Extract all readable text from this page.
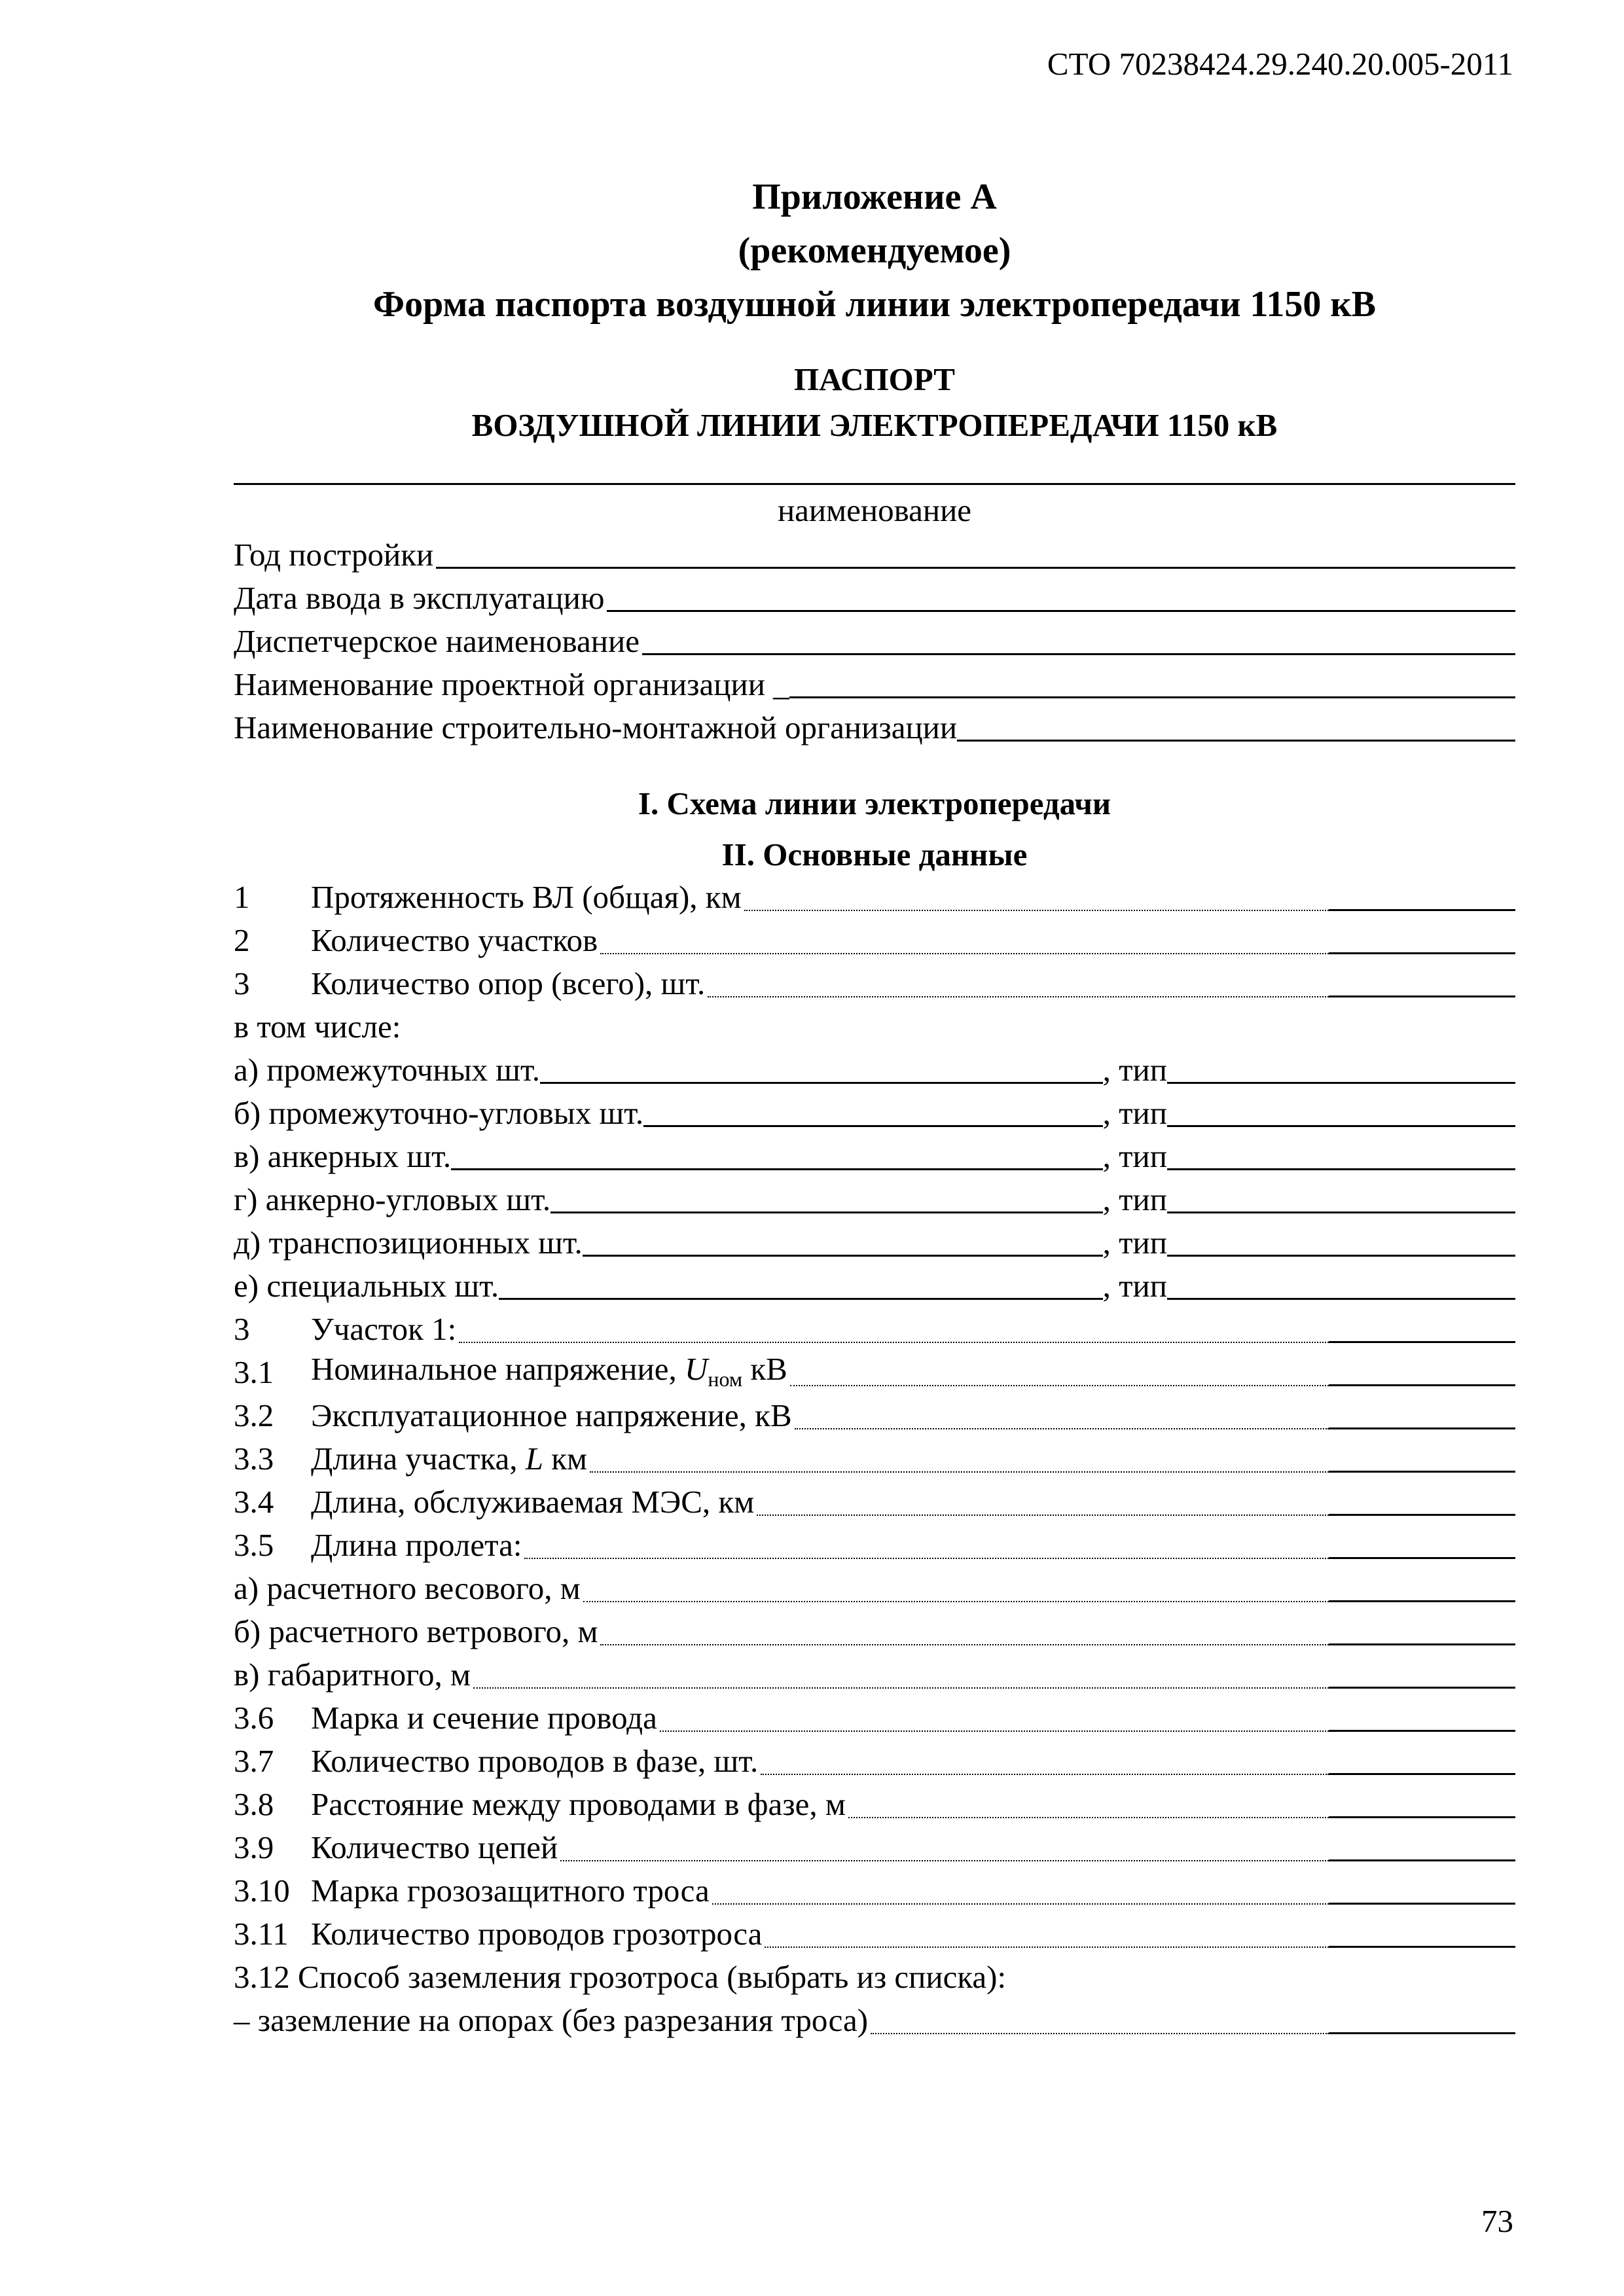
СТО 70238424.29.240.20.005-2011
Приложение А
(рекомендуемое)
Форма паспорта воздушной линии электропередачи 1150 кВ
ПАСПОРТ
ВОЗДУШНОЙ ЛИНИИ ЭЛЕКТРОПЕРЕДАЧИ 1150 кВ
наименование
Год постройки
Дата ввода в эксплуатацию
Диспетчерское наименование
Наименование проектной организации _
Наименование строительно-монтажной организации
I. Схема линии электропередачи
II. Основные данные
1	Протяженность ВЛ (общая), км
2	Количество участков
3	Количество опор (всего), шт.
в том числе:
а) промежуточных шт.	, тип
б) промежуточно-угловых шт.	, тип
в) анкерных шт.	, тип
г) анкерно-угловых шт.	, тип
д) транспозиционных шт.	, тип
е) специальных шт.	, тип
3	Участок 1:
3.1	Номинальное напряжение, $U_{ном}$ кВ
3.2	Эксплуатационное напряжение, кВ
3.3	Длина участка, L км
3.4	Длина, обслуживаемая МЭС, км
3.5	Длина пролета:
а) расчетного весового, м
б) расчетного ветрового, м
в) габаритного, м
3.6	Марка и сечение провода
3.7	Количество проводов в фазе, шт.
3.8	Расстояние между проводами в фазе, м
3.9	Количество цепей
3.10 Марка грозозащитного троса
3.11 Количество проводов грозотроса
3.12 Способ заземления грозотроса (выбрать из списка):
– заземление на опорах (без разрезания троса)
73
